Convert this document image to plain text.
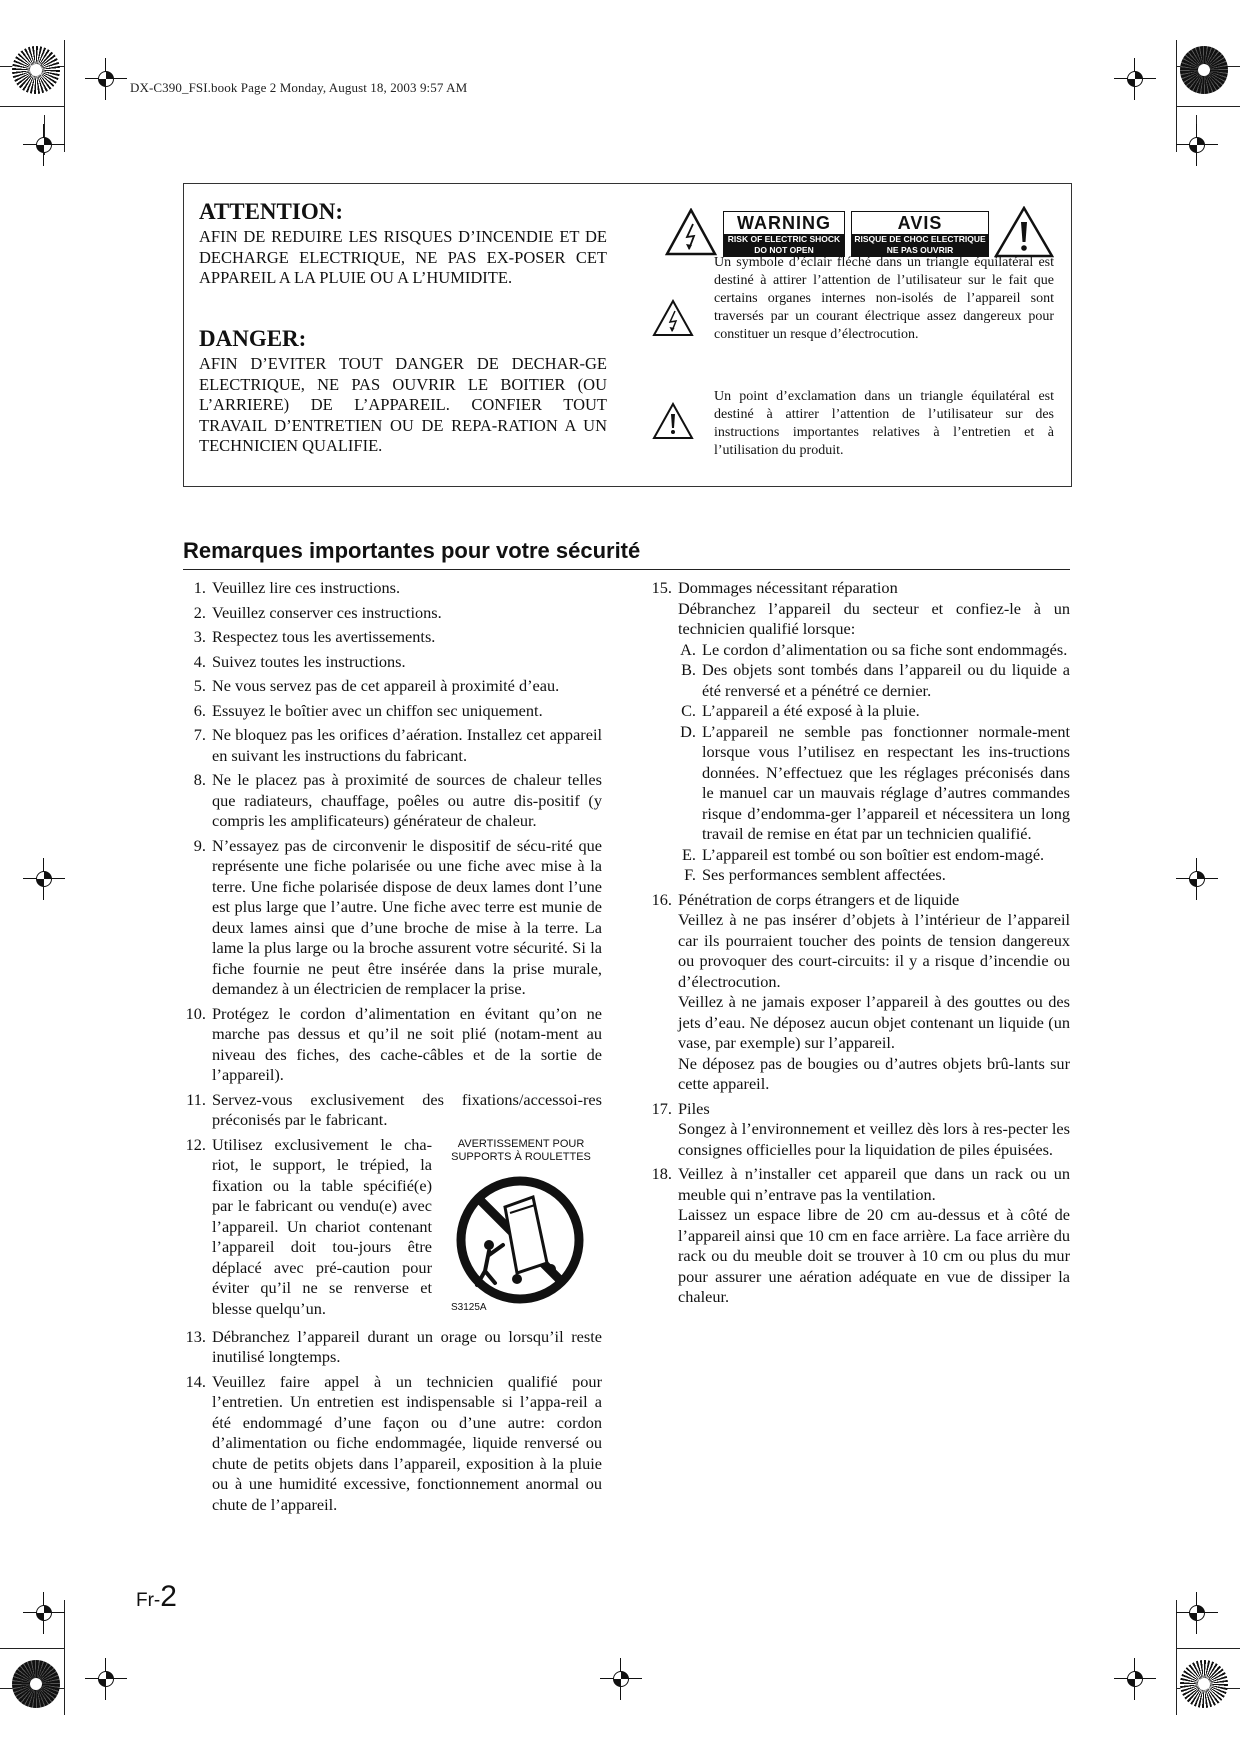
DX-C390_FSI.book Page 2 Monday, August 18, 2003 9:57 AM
ATTENTION:
AFIN DE REDUIRE LES RISQUES D’INCENDIE ET DE DECHARGE ELECTRIQUE, NE PAS EX-POSER CET APPAREIL A LA PLUIE OU A L’HUMIDITE.
DANGER:
AFIN D’EVITER TOUT DANGER DE DECHAR-GE ELECTRIQUE, NE PAS OUVRIR LE BOITIER (OU L’ARRIERE) DE L’APPAREIL. CONFIER TOUT TRAVAIL D’ENTRETIEN OU DE REPA-RATION A UN TECHNICIEN QUALIFIE.
WARNING
RISK OF ELECTRIC SHOCK
DO NOT OPEN
AVIS
RISQUE DE CHOC ELECTRIQUE
NE PAS OUVRIR
Un symbole d’éclair fléché dans un triangle équilatéral est destiné à attirer l’attention de l’utilisateur sur le fait que certains organes internes non-isolés de l’appareil sont traversés par un courant électrique assez dangereux pour constituer un resque d’électrocution.
Un point d’exclamation dans un triangle équilatéral est destiné à attirer l’attention de l’utilisateur sur des instructions importantes relatives à l’entretien et à l’utilisation du produit.
Remarques importantes pour votre sécurité
1. Veuillez lire ces instructions.
2. Veuillez conserver ces instructions.
3. Respectez tous les avertissements.
4. Suivez toutes les instructions.
5. Ne vous servez pas de cet appareil à proximité d’eau.
6. Essuyez le boîtier avec un chiffon sec uniquement.
7. Ne bloquez pas les orifices d’aération. Installez cet appareil en suivant les instructions du fabricant.
8. Ne le placez pas à proximité de sources de chaleur telles que radiateurs, chauffage, poêles ou autre dis-positif (y compris les amplificateurs) générateur de chaleur.
9. N’essayez pas de circonvenir le dispositif de sécu-rité que représente une fiche polarisée ou une fiche avec mise à la terre. Une fiche polarisée dispose de deux lames dont l’une est plus large que l’autre. Une fiche avec terre est munie de deux lames ainsi que d’une broche de mise à la terre. La lame la plus large ou la broche assurent votre sécurité. Si la fiche fournie ne peut être insérée dans la prise murale, demandez à un électricien de remplacer la prise.
10. Protégez le cordon d’alimentation en évitant qu’on ne marche pas dessus et qu’il ne soit plié (notam-ment au niveau des fiches, des cache-câbles et de la sortie de l’appareil).
11. Servez-vous exclusivement des fixations/accessoi-res préconisés par le fabricant.
12. Utilisez exclusivement le cha-riot, le support, le trépied, la fixation ou la table spécifié(e) par le fabricant ou vendu(e) avec l’appareil. Un chariot contenant l’appareil doit tou-jours être déplacé avec pré-caution pour éviter qu’il ne se renverse et blesse quelqu’un.
AVERTISSEMENT POUR SUPPORTS À ROULETTES
S3125A
13. Débranchez l’appareil durant un orage ou lorsqu’il reste inutilisé longtemps.
14. Veuillez faire appel à un technicien qualifié pour l’entretien. Un entretien est indispensable si l’appa-reil a été endommagé d’une façon ou d’une autre: cordon d’alimentation ou fiche endommagée, liquide renversé ou chute de petits objets dans l’appareil, exposition à la pluie ou à une humidité excessive, fonctionnement anormal ou chute de l’appareil.
15. Dommages nécessitant réparation
Débranchez l’appareil du secteur et confiez-le à un technicien qualifié lorsque:
A. Le cordon d’alimentation ou sa fiche sont endommagés.
B. Des objets sont tombés dans l’appareil ou du liquide a été renversé et a pénétré ce dernier.
C. L’appareil a été exposé à la pluie.
D. L’appareil ne semble pas fonctionner normale-ment lorsque vous l’utilisez en respectant les ins-tructions données. N’effectuez que les réglages préconisés dans le manuel car un mauvais réglage d’autres commandes risque d’endomma-ger l’appareil et nécessitera un long travail de remise en état par un technicien qualifié.
E. L’appareil est tombé ou son boîtier est endom-magé.
F. Ses performances semblent affectées.
16. Pénétration de corps étrangers et de liquide
Veillez à ne pas insérer d’objets à l’intérieur de l’appareil car ils pourraient toucher des points de tension dangereux ou provoquer des court-circuits: il y a risque d’incendie ou d’électrocution.
Veillez à ne jamais exposer l’appareil à des gouttes ou des jets d’eau. Ne déposez aucun objet contenant un liquide (un vase, par exemple) sur l’appareil.
Ne déposez pas de bougies ou d’autres objets brû-lants sur cette appareil.
17. Piles
Songez à l’environnement et veillez dès lors à res-pecter les consignes officielles pour la liquidation de piles épuisées.
18. Veillez à n’installer cet appareil que dans un rack ou un meuble qui n’entrave pas la ventilation.
Laissez un espace libre de 20 cm au-dessus et à côté de l’appareil ainsi que 10 cm en face arrière. La face arrière du rack ou du meuble doit se trouver à 10 cm ou plus du mur pour assurer une aération adéquate en vue de dissiper la chaleur.
Fr-2
